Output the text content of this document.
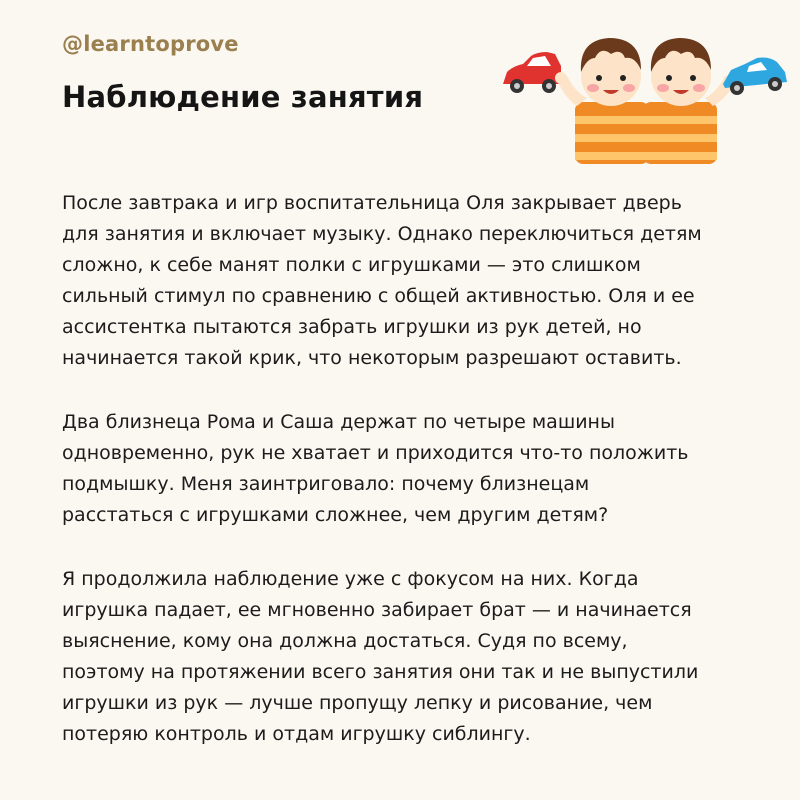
@learntoprove
Наблюдение занятия

После завтрака и игр воспитательница Оля закрывает дверь
для занятия и включает музыку. Однако переключиться детям
сложно, к себе манят полки с игрушками — это слишком
сильный стимул по сравнению с общей активностью. Оля и ее
ассистентка пытаются забрать игрушки из рук детей, но
начинается такой крик, что некоторым разрешают оставить.

Два близнеца Рома и Саша держат по четыре машины
одновременно, рук не хватает и приходится что-то положить
подмышку. Меня заинтриговало: почему близнецам
расстаться с игрушками сложнее, чем другим детям?

Я продолжила наблюдение уже с фокусом на них. Когда
игрушка падает, ее мгновенно забирает брат — и начинается
выяснение, кому она должна достаться. Судя по всему,
поэтому на протяжении всего занятия они так и не выпустили
игрушки из рук — лучше пропущу лепку и рисование, чем
потеряю контроль и отдам игрушку сиблингу.
